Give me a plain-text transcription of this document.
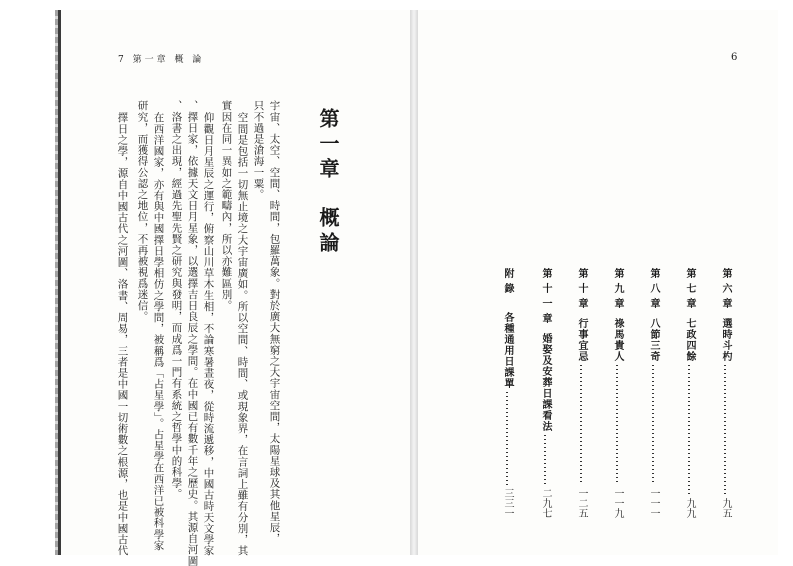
7 第一章 概 論
第一章概論
宇宙、太空、空間、時間，包羅萬象。對於廣大無窮之大宇宙空間，太陽星球及其他星辰，
只不過是滄海一粟。
空間是包括一切無止境之大宇宙廣如。所以空間、時間、或現象界，在言詞上雖有分別，其
實因在同一異如之範疇內，所以亦難區別。
仰觀日月星辰之運行，俯察山川草木生相，不論寒暑晝夜，從時流遞移，中國古時天文學家
、擇日家，依據天文日月星象，以選擇吉日良辰之學問。在中國已有數千年之歷史。其源自河圖
、洛書之出現，經過先聖先賢之研究與發明，而成爲一門有系統之哲學中的科學。
在西洋國家，亦有與中國擇日學相仿之學問，被稱爲「占星學」。占星學在西洋已被科學家
研究，而獲得公認之地位，不再被視爲迷信。
擇日之學，源自中國古代之河圖、洛書、周易，三者是中國一切術數之根源，也是中國古代
6
第六章
選時斗杓
九五
第七章
七政四餘
九九
第八章
八節三奇
一一一
第九章
祿馬貴人
一一九
第十章
行事宜忌
一二五
第十一章
婚娶及安葬日課看法
二九七
附錄
各種通用日課單
三三一
